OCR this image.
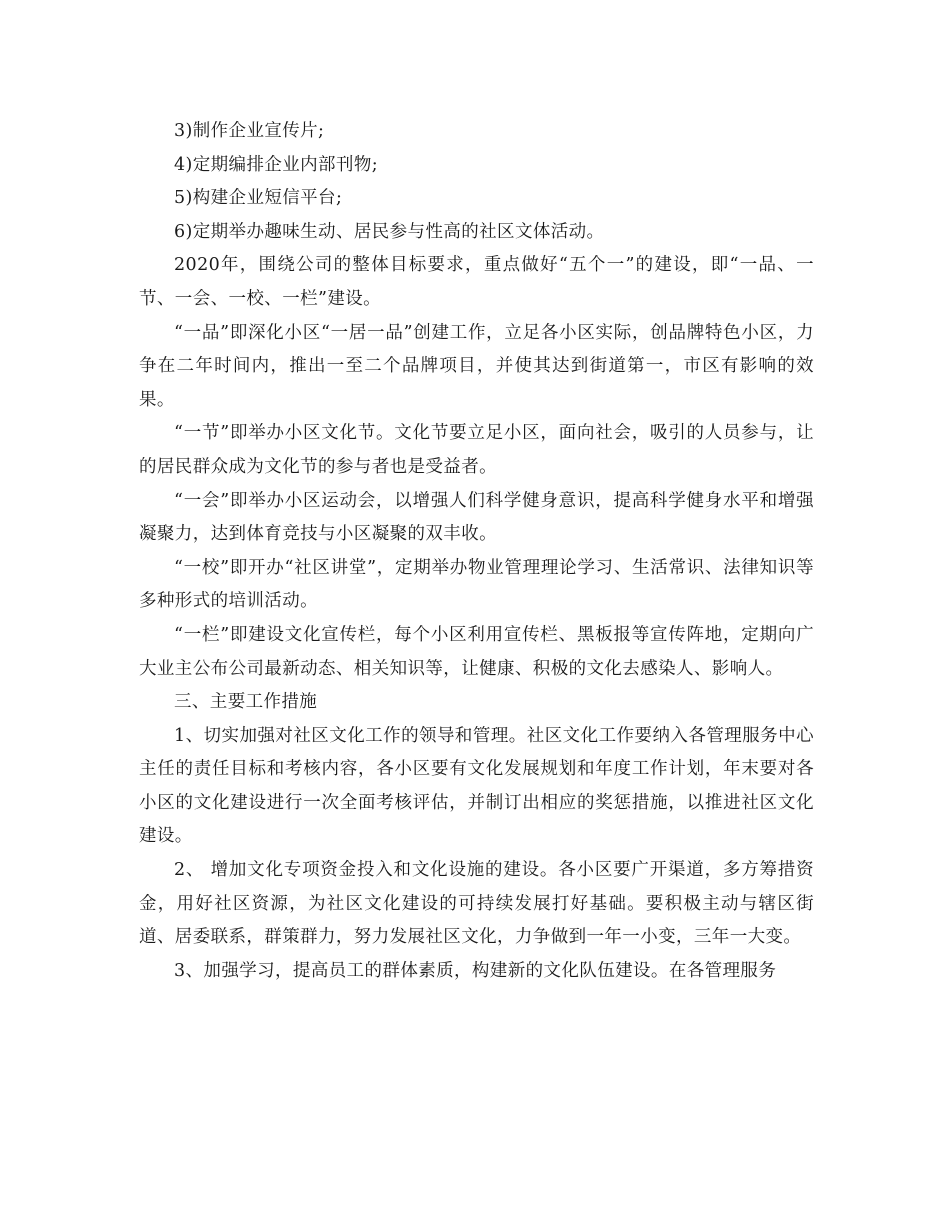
3)制作企业宣传片;

4)定期编排企业内部刊物;

5)构建企业短信平台;

6)定期举办趣味生动、居民参与性高的社区文体活动。

2020年，围绕公司的整体目标要求，重点做好“五个一”的建设，即“一品、一节、一会、一校、一栏”建设。

“一品”即深化小区“一居一品”创建工作，立足各小区实际，创品牌特色小区，力争在二年时间内，推出一至二个品牌项目，并使其达到街道第一，市区有影响的效果。

“一节”即举办小区文化节。文化节要立足小区，面向社会，吸引的人员参与，让的居民群众成为文化节的参与者也是受益者。

“一会”即举办小区运动会，以增强人们科学健身意识，提高科学健身水平和增强凝聚力，达到体育竞技与小区凝聚的双丰收。

“一校”即开办“社区讲堂”，定期举办物业管理理论学习、生活常识、法律知识等多种形式的培训活动。

“一栏”即建设文化宣传栏，每个小区利用宣传栏、黑板报等宣传阵地，定期向广大业主公布公司最新动态、相关知识等，让健康、积极的文化去感染人、影响人。

三、主要工作措施

1、切实加强对社区文化工作的领导和管理。社区文化工作要纳入各管理服务中心主任的责任目标和考核内容，各小区要有文化发展规划和年度工作计划，年末要对各小区的文化建设进行一次全面考核评估，并制订出相应的奖惩措施，以推进社区文化建设。

2、 增加文化专项资金投入和文化设施的建设。各小区要广开渠道，多方筹措资金，用好社区资源，为社区文化建设的可持续发展打好基础。要积极主动与辖区街道、居委联系，群策群力，努力发展社区文化，力争做到一年一小变，三年一大变。

3、加强学习，提高员工的群体素质，构建新的文化队伍建设。在各管理服务
